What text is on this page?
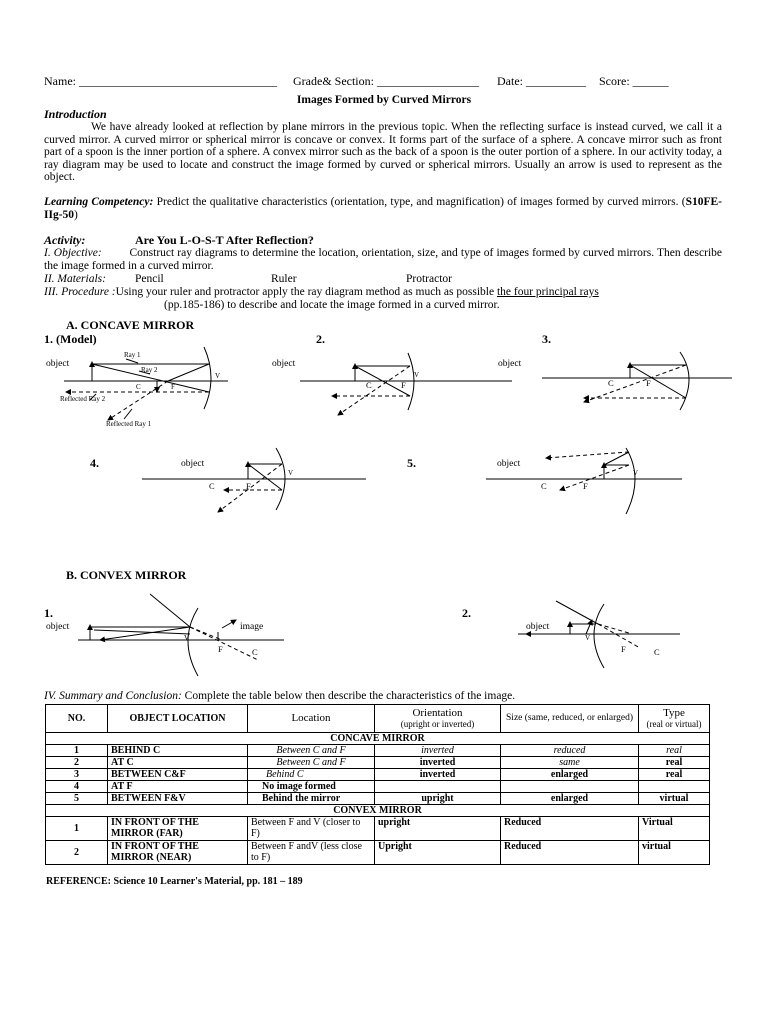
Name: _________________________________ Grade& Section: _________________ Date: __________ Score: ______
Images Formed by Curved Mirrors
Introduction
We have already looked at reflection by plane mirrors in the previous topic. When the reflecting surface is instead curved, we call it a curved mirror. A curved mirror or spherical mirror is concave or convex. It forms part of the surface of a sphere. A concave mirror such as front part of a spoon is the inner portion of a sphere. A convex mirror such as the back of a spoon is the outer portion of a sphere. In our activity today, a ray diagram may be used to locate and construct the image formed by curved or spherical mirrors. Usually an arrow is used to represent as the object.
Learning Competency: Predict the qualitative characteristics (orientation, type, and magnification) of images formed by curved mirrors. (S10FE-IIg-50)
Activity:	Are You L-O-S-T After Reflection?
I. Objective: Construct ray diagrams to determine the location, orientation, size, and type of images formed by curved mirrors. Then describe the image formed in a curved mirror.
II. Materials:	Pencil	Ruler	Protractor
III. Procedure :Using your ruler and protractor apply the ray diagram method as much as possible the four principal rays
(pp.185-186) to describe and locate the image formed in a curved mirror.
A. CONCAVE MIRROR
1. (Model)	2.	3.
4.	5.
B. CONVEX MIRROR
1.	2.
object
Ray 1
Ray 2
C	F
V
Reflected Ray 2
Reflected Ray 1
object
C	F
V
object
C	F
object
C	F
V
object
C	F
V
object	image
V
F	C
object
V
F	C
IV. Summary and Conclusion: Complete the table below then describe the characteristics of the image.
NO.	OBJECT LOCATION	Location	Orientation
(upright or inverted)	Size (same, reduced, or enlarged)	Type
(real or virtual)

CONCAVE MIRROR					
1	BEHIND C	Between C and F	inverted	reduced	real
2	AT C	Between C and F	inverted	same	real
3	BETWEEN C&F	Behind C	inverted	enlarged	real
4	AT F	No image formed			
5	BETWEEN F&V	Behind the mirror	upright	enlarged	virtual
CONVEX MIRROR					
1	IN FRONT OF THE MIRROR (FAR)	Between F and V (closer to F)	upright	Reduced	Virtual
2	IN FRONT OF THE MIRROR (NEAR)	Between F andV (less close to F)	Upright	Reduced	virtual
REFERENCE: Science 10 Learner's Material, pp. 181 – 189
